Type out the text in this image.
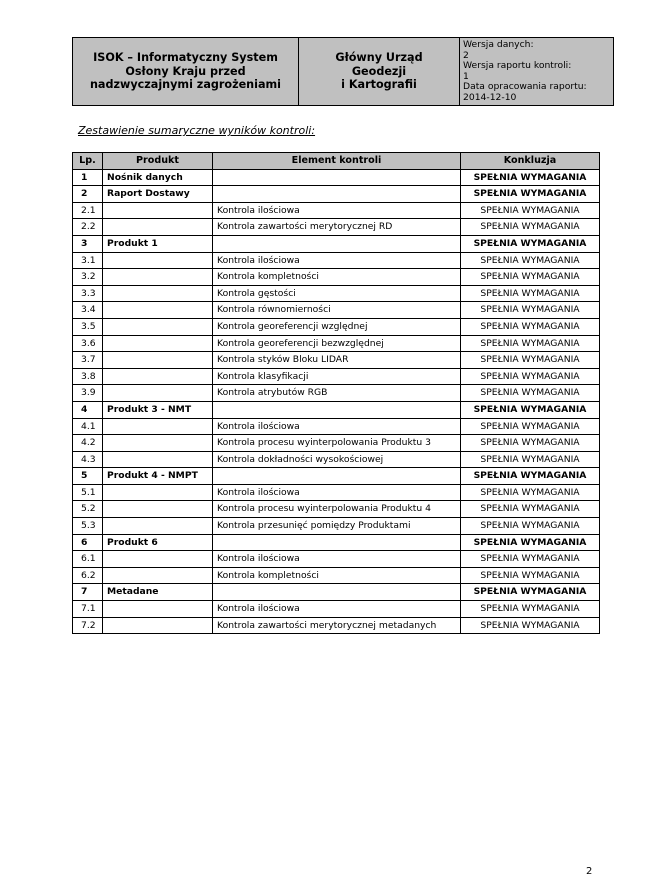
ISOK – Informatyczny System
Osłony Kraju przed
nadzwyczajnymi zagrożeniami

Główny Urząd
Geodezji
i Kartografii

Wersja danych:
2
Wersja raportu kontroli:
1
Data opracowania raportu:
2014-12-10
Zestawienie sumaryczne wyników kontroli:
Lp.	Produkt	Element kontroli	Konkluzja
1	Nośnik danych		SPEŁNIA WYMAGANIA
2	Raport Dostawy		SPEŁNIA WYMAGANIA
2.1		Kontrola ilościowa	SPEŁNIA WYMAGANIA
2.2		Kontrola zawartości merytorycznej RD	SPEŁNIA WYMAGANIA
3	Produkt 1		SPEŁNIA WYMAGANIA
3.1		Kontrola ilościowa	SPEŁNIA WYMAGANIA
3.2		Kontrola kompletności	SPEŁNIA WYMAGANIA
3.3		Kontrola gęstości	SPEŁNIA WYMAGANIA
3.4		Kontrola równomierności	SPEŁNIA WYMAGANIA
3.5		Kontrola georeferencji względnej	SPEŁNIA WYMAGANIA
3.6		Kontrola georeferencji bezwzględnej	SPEŁNIA WYMAGANIA
3.7		Kontrola styków Bloku LIDAR	SPEŁNIA WYMAGANIA
3.8		Kontrola klasyfikacji	SPEŁNIA WYMAGANIA
3.9		Kontrola atrybutów RGB	SPEŁNIA WYMAGANIA
4	Produkt 3 - NMT		SPEŁNIA WYMAGANIA
4.1		Kontrola ilościowa	SPEŁNIA WYMAGANIA
4.2		Kontrola procesu wyinterpolowania Produktu 3	SPEŁNIA WYMAGANIA
4.3		Kontrola dokładności wysokościowej	SPEŁNIA WYMAGANIA
5	Produkt 4 - NMPT		SPEŁNIA WYMAGANIA
5.1		Kontrola ilościowa	SPEŁNIA WYMAGANIA
5.2		Kontrola procesu wyinterpolowania Produktu 4	SPEŁNIA WYMAGANIA
5.3		Kontrola przesunięć pomiędzy Produktami	SPEŁNIA WYMAGANIA
6	Produkt 6		SPEŁNIA WYMAGANIA
6.1		Kontrola ilościowa	SPEŁNIA WYMAGANIA
6.2		Kontrola kompletności	SPEŁNIA WYMAGANIA
7	Metadane		SPEŁNIA WYMAGANIA
7.1		Kontrola ilościowa	SPEŁNIA WYMAGANIA
7.2		Kontrola zawartości merytorycznej metadanych	SPEŁNIA WYMAGANIA
2
